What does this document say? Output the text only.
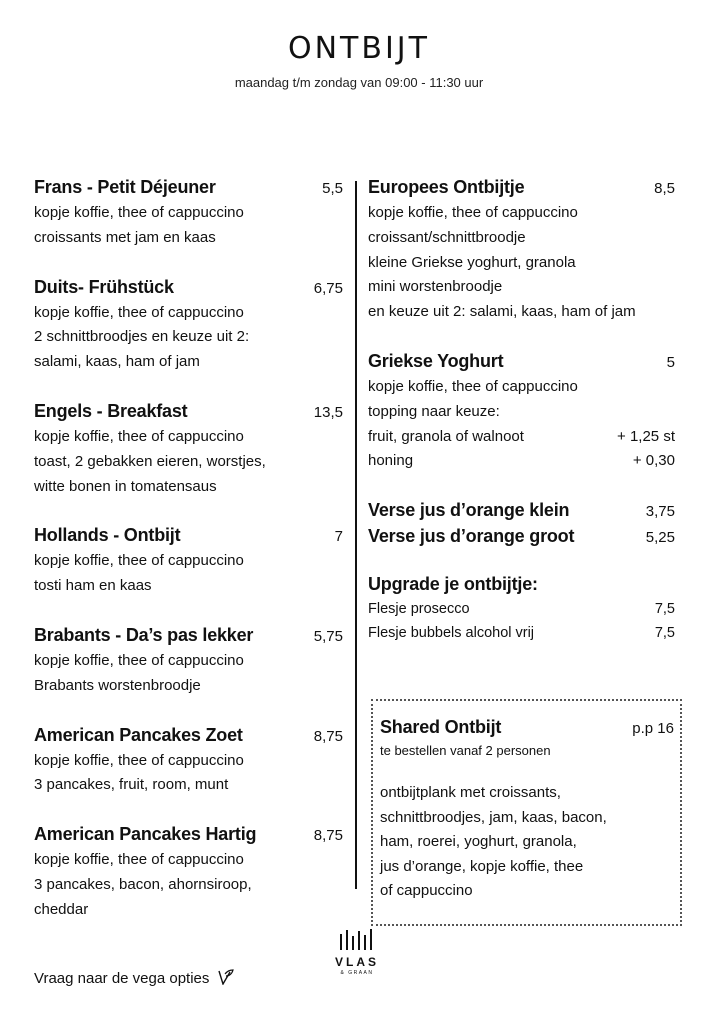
ONTBIJT
maandag t/m zondag van 09:00 - 11:30 uur
Frans - Petit Déjeuner	5,5
kopje koffie, thee of cappuccino
croissants met jam en kaas
Duits- Frühstück	6,75
kopje koffie, thee of cappuccino
2 schnittbroodjes en keuze uit 2:
salami, kaas, ham of jam
Engels - Breakfast	13,5
kopje koffie, thee of cappuccino
toast, 2 gebakken eieren, worstjes,
witte bonen in tomatensaus
Hollands - Ontbijt	7
kopje koffie, thee of cappuccino
tosti ham en kaas
Brabants - Da’s pas lekker	5,75
kopje koffie, thee of cappuccino
Brabants worstenbroodje
American Pancakes Zoet	8,75
kopje koffie, thee of cappuccino
3 pancakes, fruit, room, munt
American Pancakes Hartig	8,75
kopje koffie, thee of cappuccino
3 pancakes, bacon, ahornsiroop,
cheddar
Europees Ontbijtje	8,5
kopje koffie, thee of cappuccino
croissant/schnittbroodje
kleine Griekse yoghurt, granola
mini worstenbroodje
en keuze uit 2: salami, kaas, ham of jam
Griekse Yoghurt	5
kopje koffie, thee of cappuccino
topping naar keuze:
fruit, granola of walnoot	+ 1,25 st
honing	+ 0,30
Verse jus d’orange klein	3,75
Verse jus d’orange groot	5,25
Upgrade je ontbijtje:
Flesje prosecco	7,5
Flesje bubbels alcohol vrij	7,5
Shared Ontbijt	p.p 16
te bestellen vanaf 2 personen
ontbijtplank met croissants,
schnittbroodjes, jam, kaas, bacon,
ham, roerei, yoghurt, granola,
jus d’orange, kopje koffie, thee
of cappuccino
VLAS
& GRAAN
Vraag naar de vega opties
